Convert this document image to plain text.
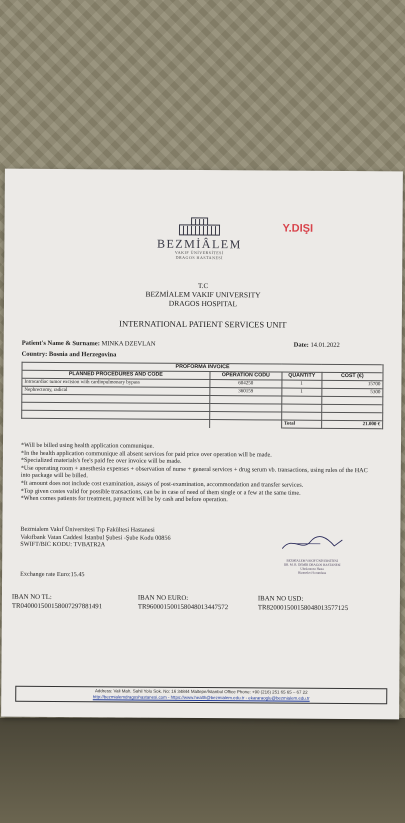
BEZMİÂLEM
VAKIF ÜNİVERSİTESİ
DRAGOS HASTANESİ
Y.DIŞI
T.C
BEZMİALEM VAKIF UNIVERSITY
DRAGOS HOSPITAL
INTERNATIONAL PATIENT SERVICES UNIT
Patient's Name & Surname: MINKA DZEVLAN	Date: 14.01.2022
Country: Bosnia and Herzegovina
PROFORMA INVOICE			
PLANNED PROCEDURES AND CODE	OPERATION CODU	QUANTITY	COST (€)
Intracardiac tumor excision with cardiopulmonary bypass	604250	1	15700
Nephrectomy, radical	360159	1	5300

		Total	21.000 €

*Will be billed using health application communique.

*In the health application communique all absent services for paid price over operation will be made.

*Specialized materials's fee's paid fee over invoice will be made.

*Use operating room + anesthesia expenses + observation of nurse + general services + drug serum vb. transactions, using rules of the HAC into package will be billed.

*It amount does not include cost examination, assays of post-examination, accommondation and transfer services.

*Top given costes valid for possible transactions, can be in case of need of them single or a few at the same time.

*When comes patients for treatment, payment will be by cash and before operation.

Bezmialem Vakıf Üniversitesi Tıp Fakültesi Hastanesi
Vakıfbank Vatan Caddesi İstanbul Şubesi -Şube Kodu 00856
SWIFT/BIC KODU: TVBATR2A
Exchange rate Euro:15.45
BEZMİALEM VAKIF ÜNİVERSİTESİ
DR. M. B. DEMİR DRAGOS HASTANESİ
Uluslararası Hasta
Hizmetleri Sorumlusu
IBAN NO TL:
TR040001500158007297881491
IBAN NO EURO:
TR960001500158048013447572
IBAN NO USD:
TR820001500158048013577125
Address: Vali Mah. Sahil Yolu Sok. No: 16 34844 Maltepe/İstanbul Office Phone: +90 (216) 251 65 65 – 67 22
http://bezmialemdragoshastanesi.com - https://www.health@bezmialem.edu.tr - ekararaoglu@bezmialem.edu.tr
